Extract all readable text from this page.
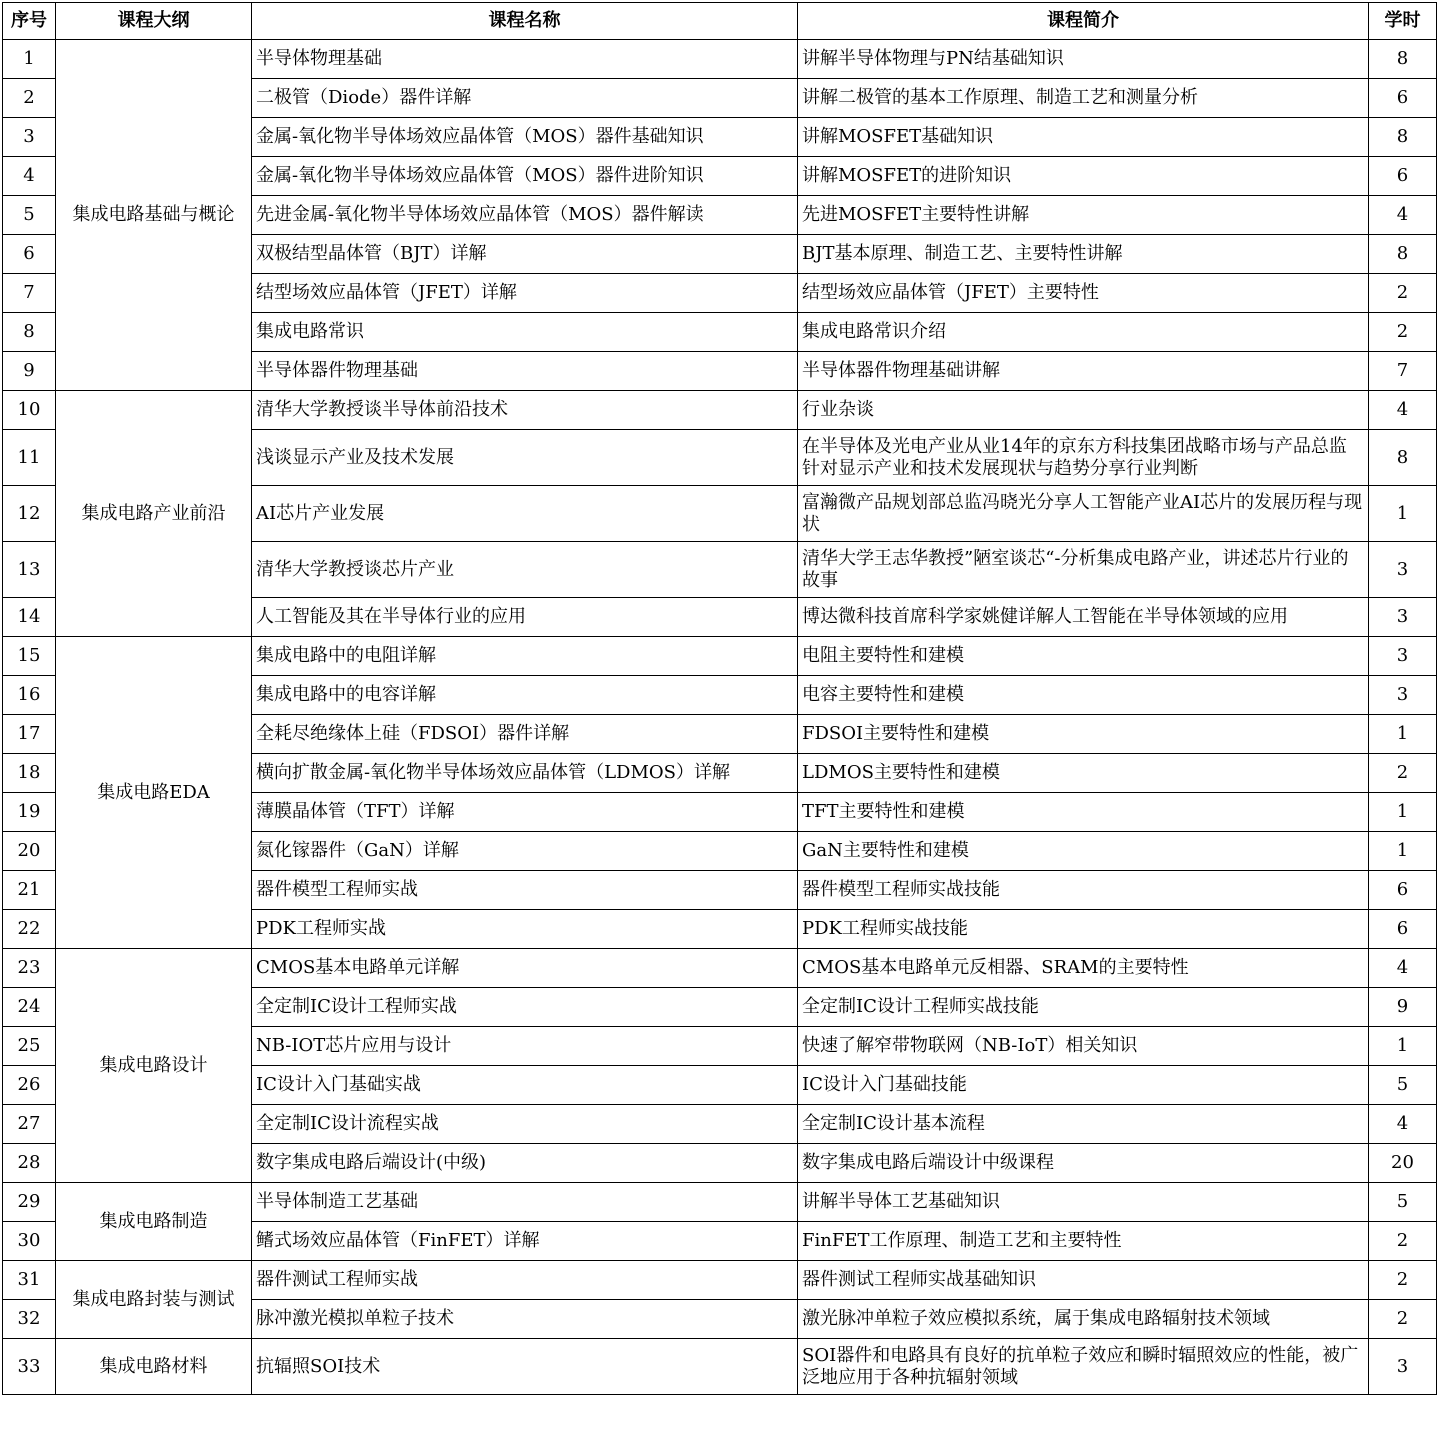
序号	课程大纲	课程名称	课程简介	学时
1	集成电路基础与概论	半导体物理基础	讲解半导体物理与PN结基础知识	8
2		二极管（Diode）器件详解	讲解二极管的基本工作原理、制造工艺和测量分析	6
3		金属-氧化物半导体场效应晶体管（MOS）器件基础知识	讲解MOSFET基础知识	8
4		金属-氧化物半导体场效应晶体管（MOS）器件进阶知识	讲解MOSFET的进阶知识	6
5		先进金属-氧化物半导体场效应晶体管（MOS）器件解读	先进MOSFET主要特性讲解	4
6		双极结型晶体管（BJT）详解	BJT基本原理、制造工艺、主要特性讲解	8
7		结型场效应晶体管（JFET）详解	结型场效应晶体管（JFET）主要特性	2
8		集成电路常识	集成电路常识介绍	2
9		半导体器件物理基础	半导体器件物理基础讲解	7
10	集成电路产业前沿	清华大学教授谈半导体前沿技术	行业杂谈	4
11		浅谈显示产业及技术发展	在半导体及光电产业从业14年的京东方科技集团战略市场与产品总监针对显示产业和技术发展现状与趋势分享行业判断	8
12		AI芯片产业发展	富瀚微产品规划部总监冯晓光分享人工智能产业AI芯片的发展历程与现状	1
13		清华大学教授谈芯片产业	清华大学王志华教授”陋室谈芯“-分析集成电路产业，讲述芯片行业的故事	3
14		人工智能及其在半导体行业的应用	博达微科技首席科学家姚健详解人工智能在半导体领域的应用	3
15	集成电路EDA	集成电路中的电阻详解	电阻主要特性和建模	3
16		集成电路中的电容详解	电容主要特性和建模	3
17		全耗尽绝缘体上硅（FDSOI）器件详解	FDSOI主要特性和建模	1
18		横向扩散金属-氧化物半导体场效应晶体管（LDMOS）详解	LDMOS主要特性和建模	2
19		薄膜晶体管（TFT）详解	TFT主要特性和建模	1
20		氮化镓器件（GaN）详解	GaN主要特性和建模	1
21		器件模型工程师实战	器件模型工程师实战技能	6
22		PDK工程师实战	PDK工程师实战技能	6
23	集成电路设计	CMOS基本电路单元详解	CMOS基本电路单元反相器、SRAM的主要特性	4
24		全定制IC设计工程师实战	全定制IC设计工程师实战技能	9
25		NB-IOT芯片应用与设计	快速了解窄带物联网（NB-IoT）相关知识	1
26		IC设计入门基础实战	IC设计入门基础技能	5
27		全定制IC设计流程实战	全定制IC设计基本流程	4
28		数字集成电路后端设计(中级)	数字集成电路后端设计中级课程	20
29	集成电路制造	半导体制造工艺基础	讲解半导体工艺基础知识	5
30		鳍式场效应晶体管（FinFET）详解	FinFET工作原理、制造工艺和主要特性	2
31	集成电路封装与测试	器件测试工程师实战	器件测试工程师实战基础知识	2
32		脉冲激光模拟单粒子技术	激光脉冲单粒子效应模拟系统，属于集成电路辐射技术领域	2
33	集成电路材料	抗辐照SOI技术	SOI器件和电路具有良好的抗单粒子效应和瞬时辐照效应的性能，被广泛地应用于各种抗辐射领域	3
